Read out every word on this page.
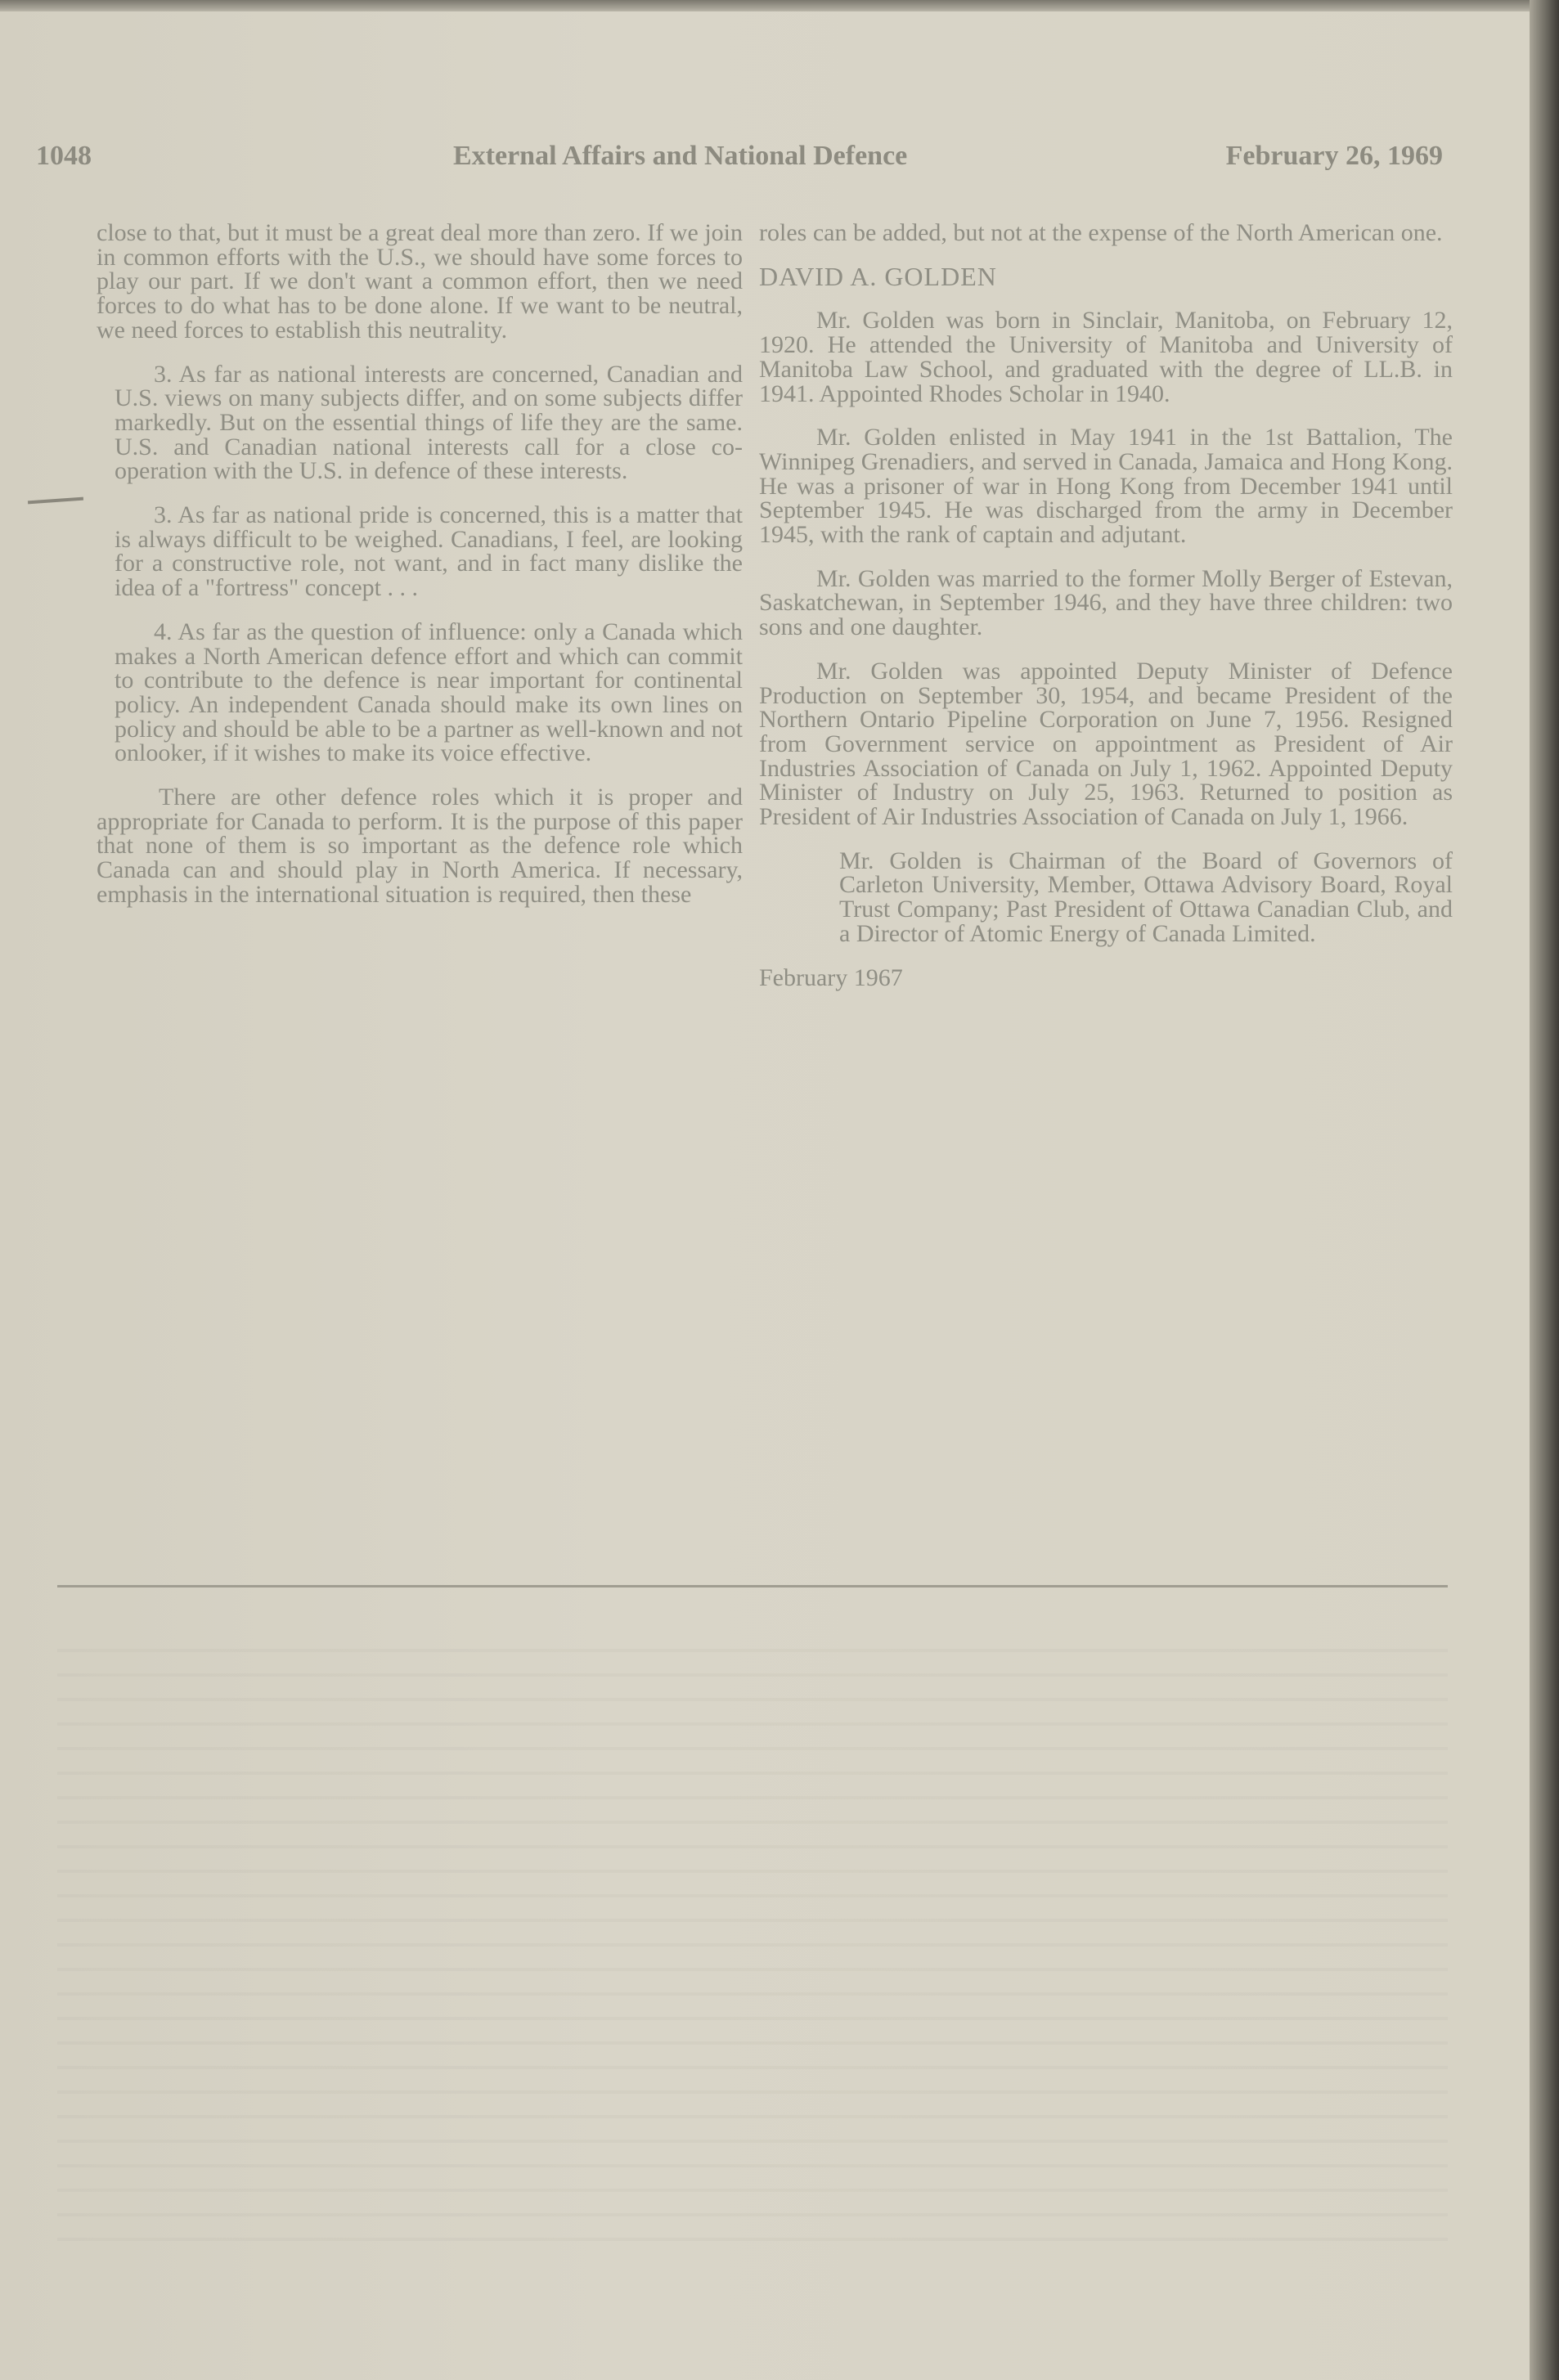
1048	External Affairs and National Defence	February 26, 1969

close to that, but it must be a great deal more than zero. If we join in common efforts with the U.S., we should have some forces to play our part. If we don't want a common effort, then we need forces to do what has to be done alone. If we want to be neutral, we need forces to establish this neutrality.

3. As far as national interests are concerned, Canadian and U.S. views on many subjects differ, and on some subjects differ markedly. But on the essential things of life they are the same. U.S. and Canadian national interests call for a close co-operation with the U.S. in defence of these interests.

3. As far as national pride is concerned, this is a matter that is always difficult to be weighed. Canadians, I feel, are looking for a constructive role, not want, and in fact many dislike the idea of a "fortress" concept . . .

4. As far as the question of influence: only a Canada which makes a North American defence effort and which can commit to contribute to the defence is near important for continental policy. An independent Canada should make its own lines on policy and should be able to be a partner as well-known and not onlooker, if it wishes to make its voice effective.

There are other defence roles which it is proper and appropriate for Canada to perform. It is the purpose of this paper that none of them is so important as the defence role which Canada can and should play in North America. If necessary, emphasis in the international situation is required, then these

roles can be added, but not at the expense of the North American one.

DAVID A. GOLDEN

Mr. Golden was born in Sinclair, Manitoba, on February 12, 1920. He attended the University of Manitoba and University of Manitoba Law School, and graduated with the degree of LL.B. in 1941. Appointed Rhodes Scholar in 1940.

Mr. Golden enlisted in May 1941 in the 1st Battalion, The Winnipeg Grenadiers, and served in Canada, Jamaica and Hong Kong. He was a prisoner of war in Hong Kong from December 1941 until September 1945. He was discharged from the army in December 1945, with the rank of captain and adjutant.

Mr. Golden was married to the former Molly Berger of Estevan, Saskatchewan, in September 1946, and they have three children: two sons and one daughter.

Mr. Golden was appointed Deputy Minister of Defence Production on September 30, 1954, and became President of the Northern Ontario Pipeline Corporation on June 7, 1956. Resigned from Government service on appointment as President of Air Industries Association of Canada on July 1, 1962. Appointed Deputy Minister of Industry on July 25, 1963. Returned to position as President of Air Industries Association of Canada on July 1, 1966.

Mr. Golden is Chairman of the Board of Governors of Carleton University, Member, Ottawa Advisory Board, Royal Trust Company; Past President of Ottawa Canadian Club, and a Director of Atomic Energy of Canada Limited.

February 1967
